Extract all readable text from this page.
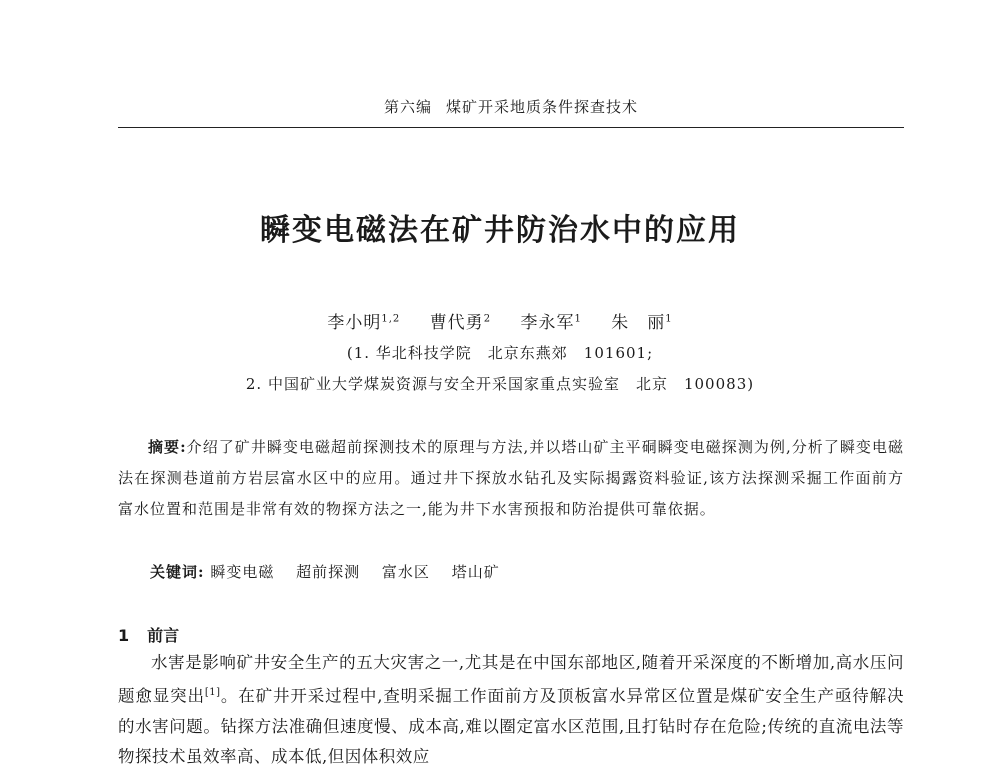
第六编 煤矿开采地质条件探查技术
瞬变电磁法在矿井防治水中的应用
李小明$^{1,2}$ 曹代勇$^2$ 李永军$^1$ 朱　丽$^1$
(1. 华北科技学院　北京东燕郊　101601;
2. 中国矿业大学煤炭资源与安全开采国家重点实验室　北京　100083)
摘要:介绍了矿井瞬变电磁超前探测技术的原理与方法,并以塔山矿主平硐瞬变电磁探测为例,分析了瞬变电磁法在探测巷道前方岩层富水区中的应用。通过井下探放水钻孔及实际揭露资料验证,该方法探测采掘工作面前方富水位置和范围是非常有效的物探方法之一,能为井下水害预报和防治提供可靠依据。
关键词: 瞬变电磁 超前探测 富水区 塔山矿
1 前言
水害是影响矿井安全生产的五大灾害之一,尤其是在中国东部地区,随着开采深度的不断增加,高水压问题愈显突出[1]。在矿井开采过程中,查明采掘工作面前方及顶板富水异常区位置是煤矿安全生产亟待解决的水害问题。钻探方法准确但速度慢、成本高,难以圈定富水区范围,且打钻时存在危险;传统的直流电法等物探技术虽效率高、成本低,但因体积效应
